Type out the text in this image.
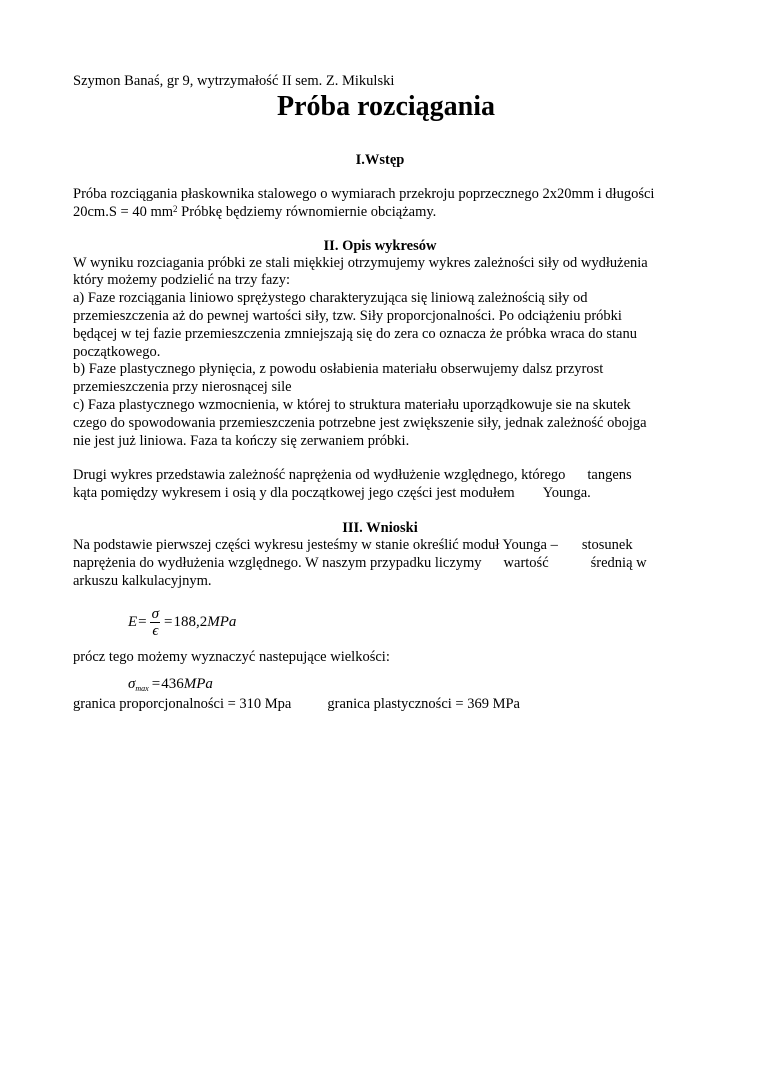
Szymon Banaś, gr 9, wytrzymałość II sem. Z. Mikulski
Próba rozciągania
I.Wstęp
Próba rozciągania płaskownika stalowego o wymiarach przekroju poprzecznego 2x20mm i długości
20cm.S = 40 $mm^2$ Próbkę będziemy równomiernie obciążamy.
II. Opis wykresów
W wyniku rozciagania próbki ze stali miękkiej otrzymujemy wykres zależności siły od wydłużenia
który możemy podzielić na trzy fazy:
a) Faze rozciągania liniowo sprężystego charakteryzująca się liniową zależnością siły od
przemieszczenia aż do pewnej wartości siły, tzw. Siły proporcjonalności. Po odciążeniu próbki
będącej w tej fazie przemieszczenia zmniejszają się do zera co oznacza że próbka wraca do stanu
początkowego.
b) Faze plastycznego płynięcia, z powodu osłabienia materiału obserwujemy dalsz przyrost
przemieszczenia przy nierosnącej sile
c) Faza plastycznego wzmocnienia, w której to struktura materiału uporządkowuje sie na skutek
czego do spowodowania przemieszczenia potrzebne jest zwiększenie siły, jednak zależność obojga
nie jest już liniowa. Faza ta kończy się zerwaniem próbki.
Drugi wykres przedstawia zależność naprężenia od wydłużenie względnego, którego tangens
kąta pomiędzy wykresem i osią y dla początkowej jego części jest modułem Younga.
III. Wnioski
Na podstawie pierwszej części wykresu jesteśmy w stanie określić moduł Younga – stosunek
naprężenia do wydłużenia względnego. W naszym przypadku liczymy wartość	średnią w
arkuszu kalkulacyjnym.
$E = \frac{\sigma}{\epsilon} = 188,2$ MPa
prócz tego możemy wyznaczyć nastepujące wielkości:
σ max = 436 MPa
granica proporcjonalności = 310 Mpa granica plastyczności = 369 MPa
